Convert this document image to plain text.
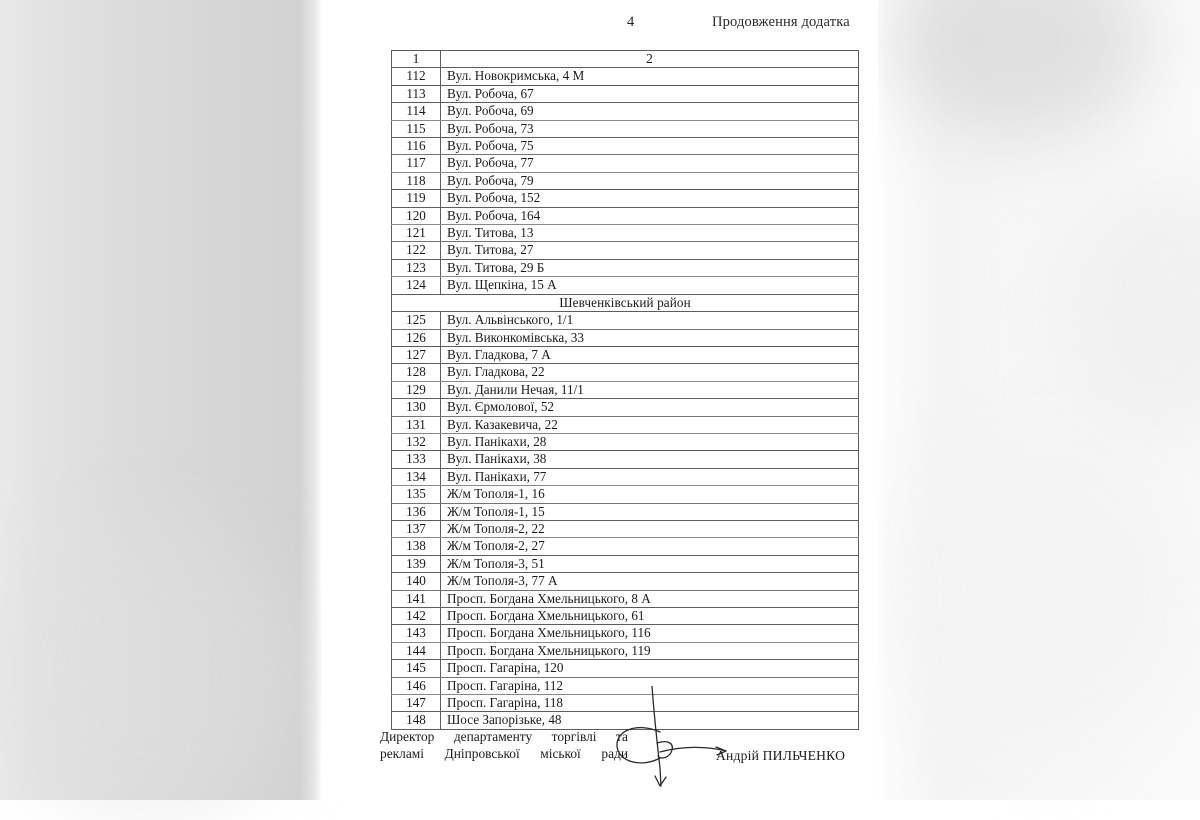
4	Продовження додатка
1	2
112	Вул. Новокримська, 4 М
113	Вул. Робоча, 67
114	Вул. Робоча, 69
115	Вул. Робоча, 73
116	Вул. Робоча, 75
117	Вул. Робоча, 77
118	Вул. Робоча, 79
119	Вул. Робоча, 152
120	Вул. Робоча, 164
121	Вул. Титова, 13
122	Вул. Титова, 27
123	Вул. Титова, 29 Б
124	Вул. Щепкіна, 15 А
Шевченківський район	
125	Вул. Альвінського, 1/1
126	Вул. Виконкомівська, 33
127	Вул. Гладкова, 7 А
128	Вул. Гладкова, 22
129	Вул. Данили Нечая, 11/1
130	Вул. Єрмолової, 52
131	Вул. Казакевича, 22
132	Вул. Панікахи, 28
133	Вул. Панікахи, 38
134	Вул. Панікахи, 77
135	Ж/м Тополя-1, 16
136	Ж/м Тополя-1, 15
137	Ж/м Тополя-2, 22
138	Ж/м Тополя-2, 27
139	Ж/м Тополя-3, 51
140	Ж/м Тополя-3, 77 А
141	Просп. Богдана Хмельницького, 8 А
142	Просп. Богдана Хмельницького, 61
143	Просп. Богдана Хмельницького, 116
144	Просп. Богдана Хмельницького, 119
145	Просп. Гагаріна, 120
146	Просп. Гагаріна, 112
147	Просп. Гагаріна, 118
148	Шосе Запорізьке, 48
Директор департаменту торгівлі та
рекламі Дніпровської міської ради	Андрій ПИЛЬЧЕНКО
